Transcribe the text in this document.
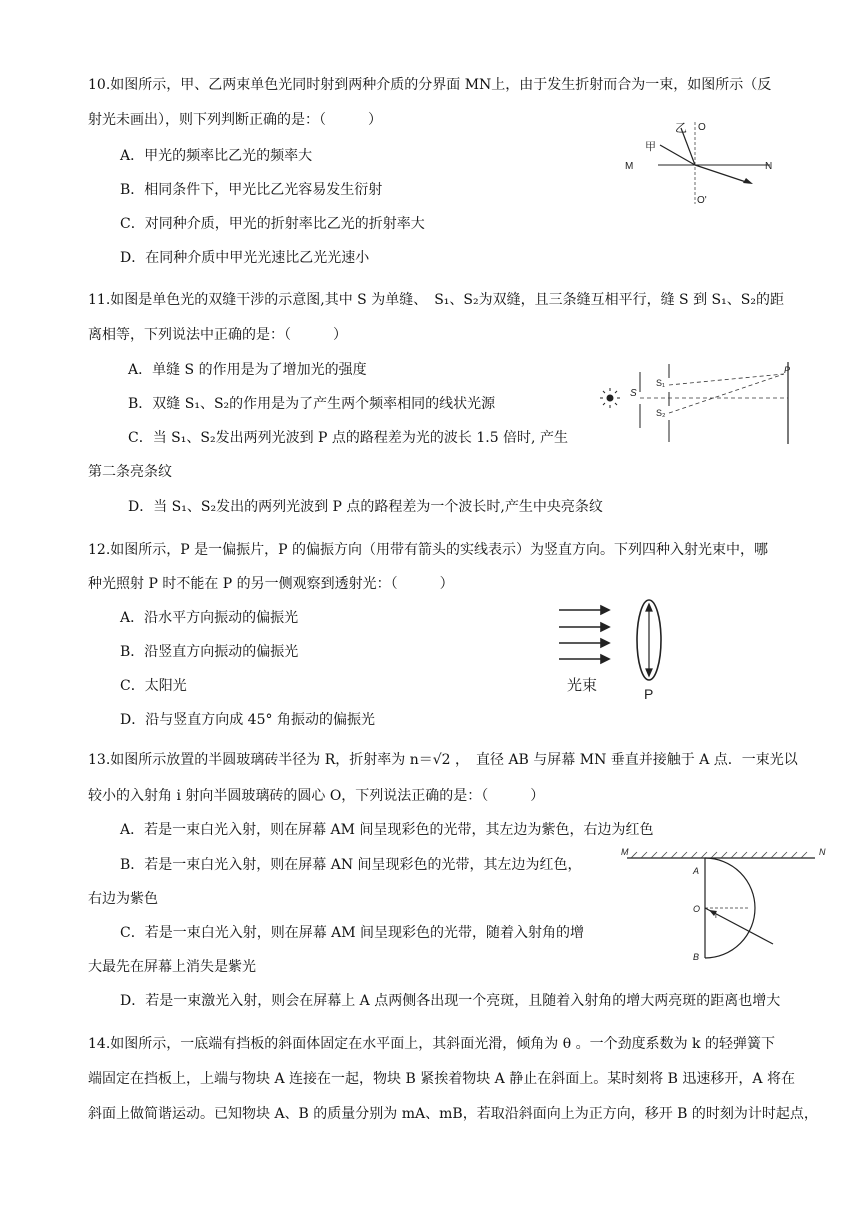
10.如图所示，甲、乙两束单色光同时射到两种介质的分界面 MN上，由于发生折射而合为一束，如图所示（反
射光未画出），则下列判断正确的是：（　　　）
A．甲光的频率比乙光的频率大
B．相同条件下，甲光比乙光容易发生衍射
C．对同种介质，甲光的折射率比乙光的折射率大
D．在同种介质中甲光光速比乙光光速小
甲
乙 O
M	N
O'
11.如图是单色光的双缝干涉的示意图,其中 S 为单缝、　S₁、S₂为双缝，且三条缝互相平行，缝 S 到 S₁、S₂的距
离相等，下列说法中正确的是：（　　　）
A．单缝 S 的作用是为了增加光的强度
B．双缝 S₁、S₂的作用是为了产生两个频率相同的线状光源
C．当 S₁、S₂发出两列光波到 P 点的路程差为光的波长 1.5 倍时, 产生
第二条亮条纹
D．当 S₁、S₂发出的两列光波到 P 点的路程差为一个波长时,产生中央亮条纹
S
S₁
S₂
P
12.如图所示，P 是一偏振片，P 的偏振方向（用带有箭头的实线表示）为竖直方向。下列四种入射光束中，哪
种光照射 P 时不能在 P 的另一侧观察到透射光：（　　　）
A．沿水平方向振动的偏振光
B．沿竖直方向振动的偏振光
C．太阳光
D．沿与竖直方向成 45° 角振动的偏振光
光束	P
13.如图所示放置的半圆玻璃砖半径为 R，折射率为 n＝√2 ，　直径 AB 与屏幕 MN 垂直并接触于 A 点．一束光以
较小的入射角 i 射向半圆玻璃砖的圆心 O，下列说法正确的是：（　　　）
A．若是一束白光入射，则在屏幕 AM 间呈现彩色的光带，其左边为紫色，右边为红色
B．若是一束白光入射，则在屏幕 AN 间呈现彩色的光带，其左边为红色，
右边为紫色
C．若是一束白光入射，则在屏幕 AM 间呈现彩色的光带，随着入射角的增
大最先在屏幕上消失是紫光
D．若是一束激光入射，则会在屏幕上 A 点两侧各出现一个亮斑，且随着入射角的增大两亮斑的距离也增大
M	N
A
O
B
i
14.如图所示，一底端有挡板的斜面体固定在水平面上，其斜面光滑，倾角为 θ 。一个劲度系数为 k 的轻弹簧下
端固定在挡板上，上端与物块 A 连接在一起，物块 B 紧挨着物块 A 静止在斜面上。某时刻将 B 迅速移开，A 将在
斜面上做简谐运动。已知物块 A、B 的质量分别为 mA、mB，若取沿斜面向上为正方向，移开 B 的时刻为计时起点，
